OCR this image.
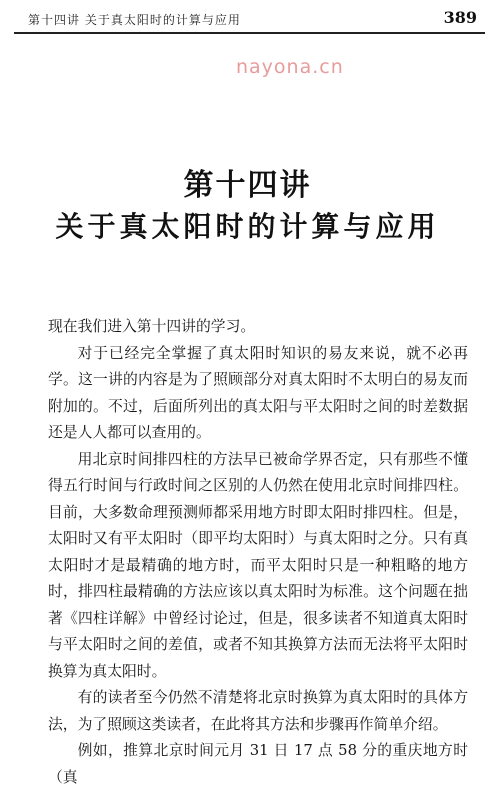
第十四讲 关于真太阳时的计算与应用	389
nayona.cn
第十四讲
关于真太阳时的计算与应用

现在我们进入第十四讲的学习。

对于已经完全掌握了真太阳时知识的易友来说，就不必再学。这一讲的内容是为了照顾部分对真太阳时不太明白的易友而附加的。不过，后面所列出的真太阳与平太阳时之间的时差数据还是人人都可以查用的。

用北京时间排四柱的方法早已被命学界否定，只有那些不懂得五行时间与行政时间之区别的人仍然在使用北京时间排四柱。目前，大多数命理预测师都采用地方时即太阳时排四柱。但是，太阳时又有平太阳时（即平均太阳时）与真太阳时之分。只有真太阳时才是最精确的地方时，而平太阳时只是一种粗略的地方时，排四柱最精确的方法应该以真太阳时为标准。这个问题在拙著《四柱详解》中曾经讨论过，但是，很多读者不知道真太阳时与平太阳时之间的差值，或者不知其换算方法而无法将平太阳时换算为真太阳时。

有的读者至今仍然不清楚将北京时换算为真太阳时的具体方法，为了照顾这类读者，在此将其方法和步骤再作简单介绍。

例如，推算北京时间元月 31 日 17 点 58 分的重庆地方时（真
